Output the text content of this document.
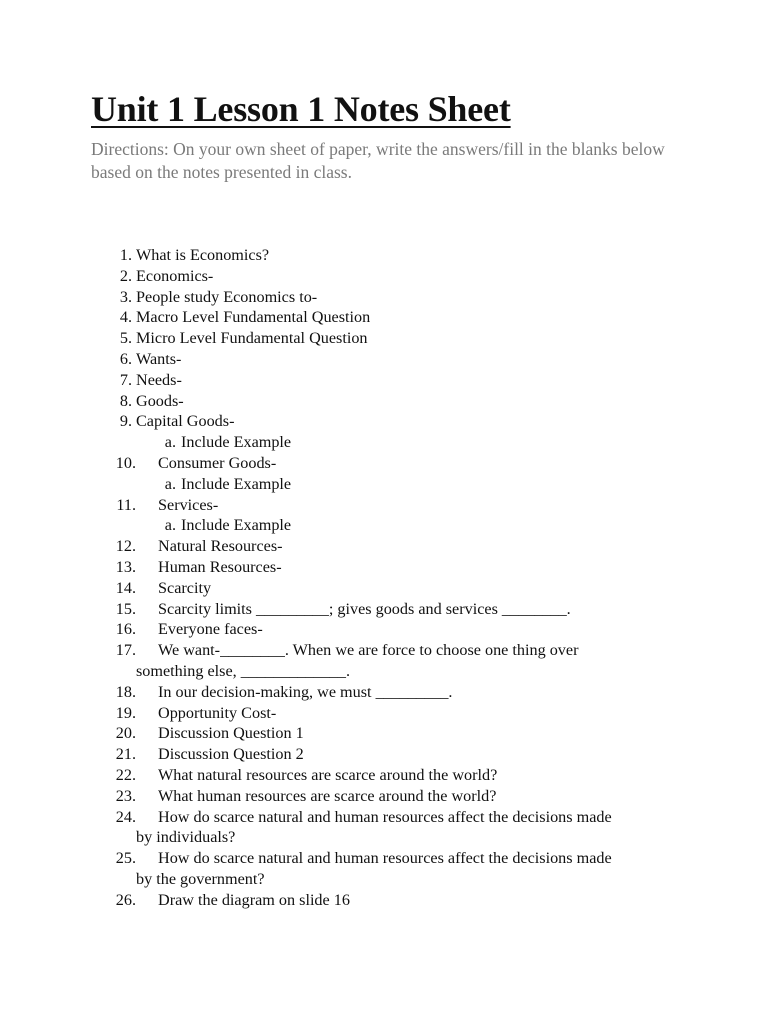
Unit 1 Lesson 1 Notes Sheet

Directions: On your own sheet of paper, write the answers/fill in the blanks below based on the notes presented in class.

1. What is Economics?
2. Economics-
3. People study Economics to-
4. Macro Level Fundamental Question
5. Micro Level Fundamental Question
6. Wants-
7. Needs-
8. Goods-
9. Capital Goods-
a. Include Example
10. Consumer Goods-
a. Include Example
11. Services-
a. Include Example
12. Natural Resources-
13. Human Resources-
14. Scarcity
15. Scarcity limits _________; gives goods and services ________.
16. Everyone faces-
17. We want-________. When we are force to choose one thing over
something else, _____________.
18. In our decision-making, we must _________.
19. Opportunity Cost-
20. Discussion Question 1
21. Discussion Question 2
22. What natural resources are scarce around the world?
23. What human resources are scarce around the world?
24. How do scarce natural and human resources affect the decisions made
by individuals?
25. How do scarce natural and human resources affect the decisions made
by the government?
26. Draw the diagram on slide 16
